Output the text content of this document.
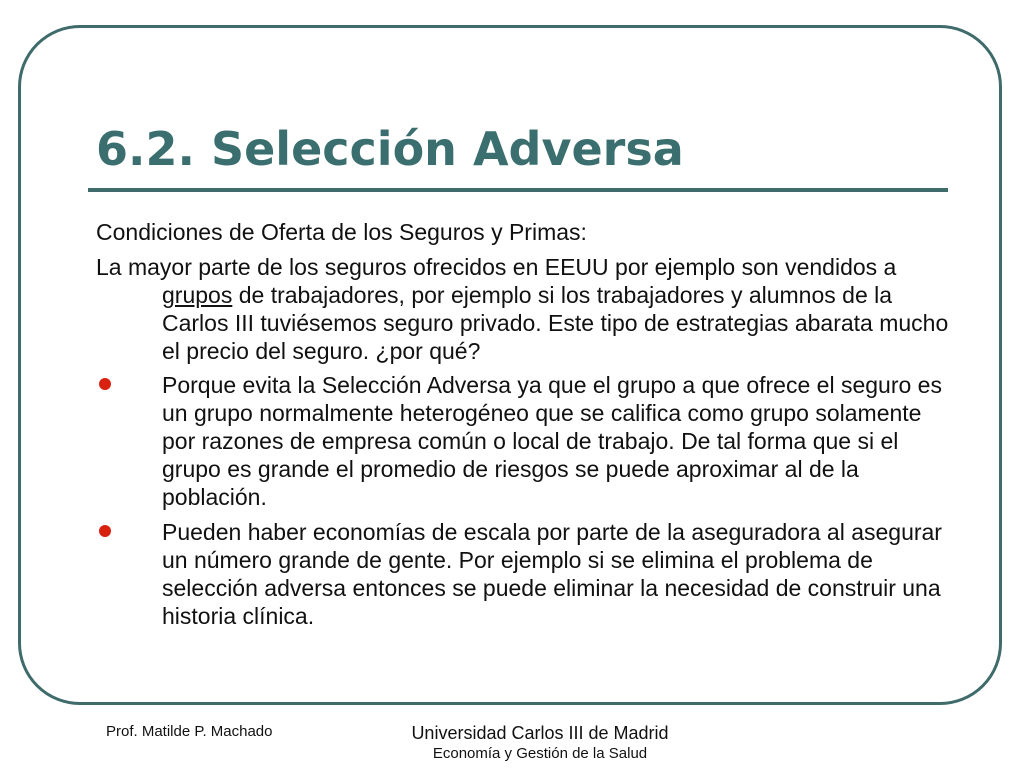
6.2. Selección Adversa

Condiciones de Oferta de los Seguros y Primas:

La mayor parte de los seguros ofrecidos en EEUU por ejemplo son vendidos a grupos de trabajadores, por ejemplo si los trabajadores y alumnos de la Carlos III tuviésemos seguro privado. Este tipo de estrategias abarata mucho el precio del seguro. ¿por qué?

Porque evita la Selección Adversa ya que el grupo a que ofrece el seguro es un grupo normalmente heterogéneo que se califica como grupo solamente por razones de empresa común o local de trabajo. De tal forma que si el grupo es grande el promedio de riesgos se puede aproximar al de la población.
Pueden haber economías de escala por parte de la aseguradora al asegurar un número grande de gente. Por ejemplo si se elimina el problema de selección adversa entonces se puede eliminar la necesidad de construir una historia clínica.
Prof. Matilde P. Machado	Universidad Carlos III de Madrid
Economía y Gestión de la Salud
